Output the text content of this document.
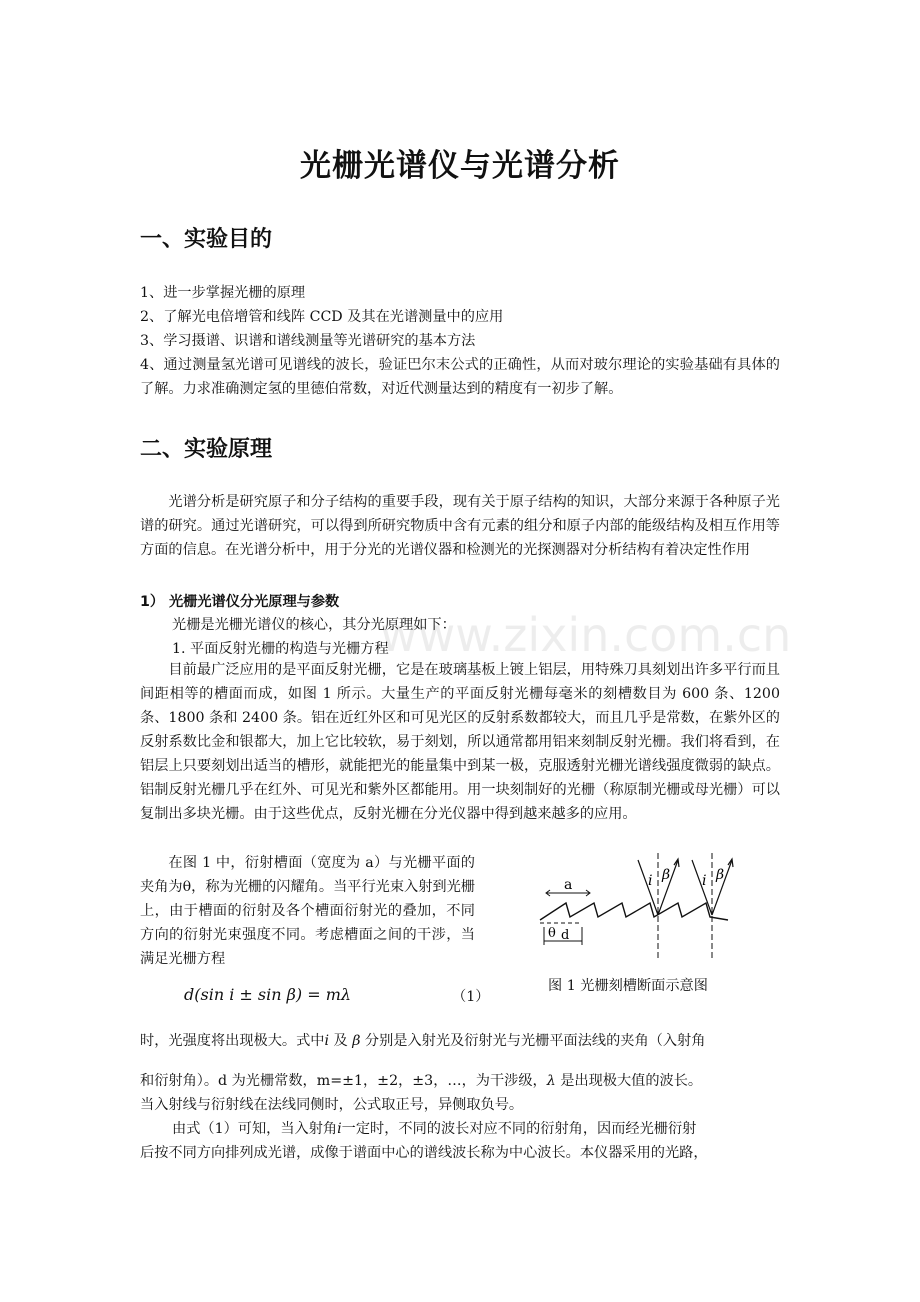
光栅光谱仪与光谱分析
一、实验目的
1、进一步掌握光栅的原理
2、了解光电倍增管和线阵 CCD 及其在光谱测量中的应用
3、学习摄谱、识谱和谱线测量等光谱研究的基本方法
4、通过测量氢光谱可见谱线的波长，验证巴尔末公式的正确性，从而对玻尔理论的实验基础有具体的了解。力求准确测定氢的里德伯常数，对近代测量达到的精度有一初步了解。
二、实验原理

光谱分析是研究原子和分子结构的重要手段，现有关于原子结构的知识，大部分来源于各种原子光谱的研究。通过光谱研究，可以得到所研究物质中含有元素的组分和原子内部的能级结构及相互作用等方面的信息。在光谱分析中，用于分光的光谱仪器和检测光的光探测器对分析结构有着决定性作用

1） 光栅光谱仪分光原理与参数
光栅是光栅光谱仪的核心，其分光原理如下：
1. 平面反射光栅的构造与光栅方程

目前最广泛应用的是平面反射光栅，它是在玻璃基板上镀上铝层，用特殊刀具刻划出许多平行而且间距相等的槽面而成，如图 1 所示。大量生产的平面反射光栅每毫米的刻槽数目为 600 条、1200 条、1800 条和 2400 条。铝在近红外区和可见光区的反射系数都较大，而且几乎是常数，在紫外区的反射系数比金和银都大，加上它比较软，易于刻划，所以通常都用铝来刻制反射光栅。我们将看到，在铝层上只要刻划出适当的槽形，就能把光的能量集中到某一极，克服透射光栅光谱线强度微弱的缺点。铝制反射光栅几乎在红外、可见光和紫外区都能用。用一块刻制好的光栅（称原制光栅或母光栅）可以复制出多块光栅。由于这些优点，反射光栅在分光仪器中得到越来越多的应用。

在图 1 中，衍射槽面（宽度为 a）与光栅平面的夹角为θ，称为光栅的闪耀角。当平行光束入射到光栅上，由于槽面的衍射及各个槽面衍射光的叠加，不同方向的衍射光束强度不同。考虑槽面之间的干涉，当满足光栅方程

d(sin i ± sin β) = mλ	（1）
a
θ d
i β i β
图 1 光栅刻槽断面示意图
时，光强度将出现极大。式中i 及 β 分别是入射光及衍射光与光栅平面法线的夹角（入射角
和衍射角）。d 为光栅常数，m=±1，±2，±3，…，为干涉级，λ 是出现极大值的波长。
当入射线与衍射线在法线同侧时，公式取正号，异侧取负号。
由式（1）可知，当入射角i一定时，不同的波长对应不同的衍射角，因而经光栅衍射
后按不同方向排列成光谱，成像于谱面中心的谱线波长称为中心波长。本仪器采用的光路，
www.zixin.com.cn
